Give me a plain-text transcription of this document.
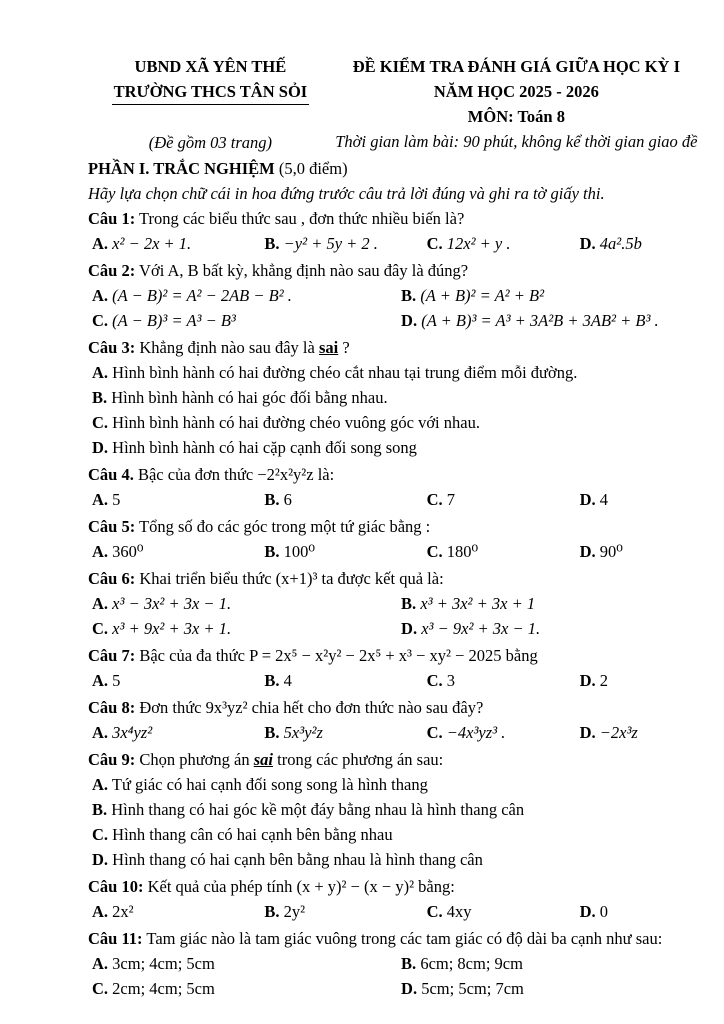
UBND XÃ YÊN THẾ
TRƯỜNG THCS TÂN SỎI

(Đề gồm 03 trang)
ĐỀ KIỂM TRA ĐÁNH GIÁ GIỮA HỌC KỲ I
NĂM HỌC 2025 - 2026
MÔN: Toán 8
Thời gian làm bài: 90 phút, không kể thời gian giao đề
PHẦN I. TRẮC NGHIỆM (5,0 điểm)
Hãy lựa chọn chữ cái in hoa đứng trước câu trả lời đúng và ghi ra tờ giấy thi.
Câu 1: Trong các biểu thức sau , đơn thức nhiều biến là?
A. x² − 2x + 1.	B. −y² + 5y + 2 .	C. 12x² + y .	D. 4a².5b
Câu 2: Với A, B bất kỳ, khẳng định nào sau đây là đúng?
A. (A − B)² = A² − 2AB − B² .	B. (A + B)² = A² + B²
C. (A − B)³ = A³ − B³	D. (A + B)³ = A³ + 3A²B + 3AB² + B³ .
Câu 3: Khẳng định nào sau đây là sai ?
A. Hình bình hành có hai đường chéo cắt nhau tại trung điểm mỗi đường.
B. Hình bình hành có hai góc đối bằng nhau.
C. Hình bình hành có hai đường chéo vuông góc với nhau.
D. Hình bình hành có hai cặp cạnh đối song song
Câu 4. Bậc của đơn thức −2²x²y²z là:
A. 5	B. 6	C. 7	D. 4
Câu 5: Tổng số đo các góc trong một tứ giác bằng :
A. 360⁰	B. 100⁰	C. 180⁰	D. 90⁰
Câu 6: Khai triển biểu thức (x+1)³ ta được kết quả là:
A. x³ − 3x² + 3x − 1.	B. x³ + 3x² + 3x + 1
C. x³ + 9x² + 3x + 1.	D. x³ − 9x² + 3x − 1.
Câu 7: Bậc của đa thức P = 2x⁵ − x²y² − 2x⁵ + x³ − xy² − 2025 bằng
A. 5	B. 4	C. 3	D. 2
Câu 8: Đơn thức 9x³yz² chia hết cho đơn thức nào sau đây?
A. 3x⁴yz²	B. 5x³y²z	C. −4x³yz³ .	D. −2x³z
Câu 9: Chọn phương án sai trong các phương án sau:
A. Tứ giác có hai cạnh đối song song là hình thang
B. Hình thang có hai góc kề một đáy bằng nhau là hình thang cân
C. Hình thang cân có hai cạnh bên bằng nhau
D. Hình thang có hai cạnh bên bằng nhau là hình thang cân
Câu 10: Kết quả của phép tính (x + y)² − (x − y)² bằng:
A. 2x²	B. 2y²	C. 4xy	D. 0
Câu 11: Tam giác nào là tam giác vuông trong các tam giác có độ dài ba cạnh như sau:
A. 3cm; 4cm; 5cm	B. 6cm; 8cm; 9cm
C. 2cm; 4cm; 5cm	D. 5cm; 5cm; 7cm
